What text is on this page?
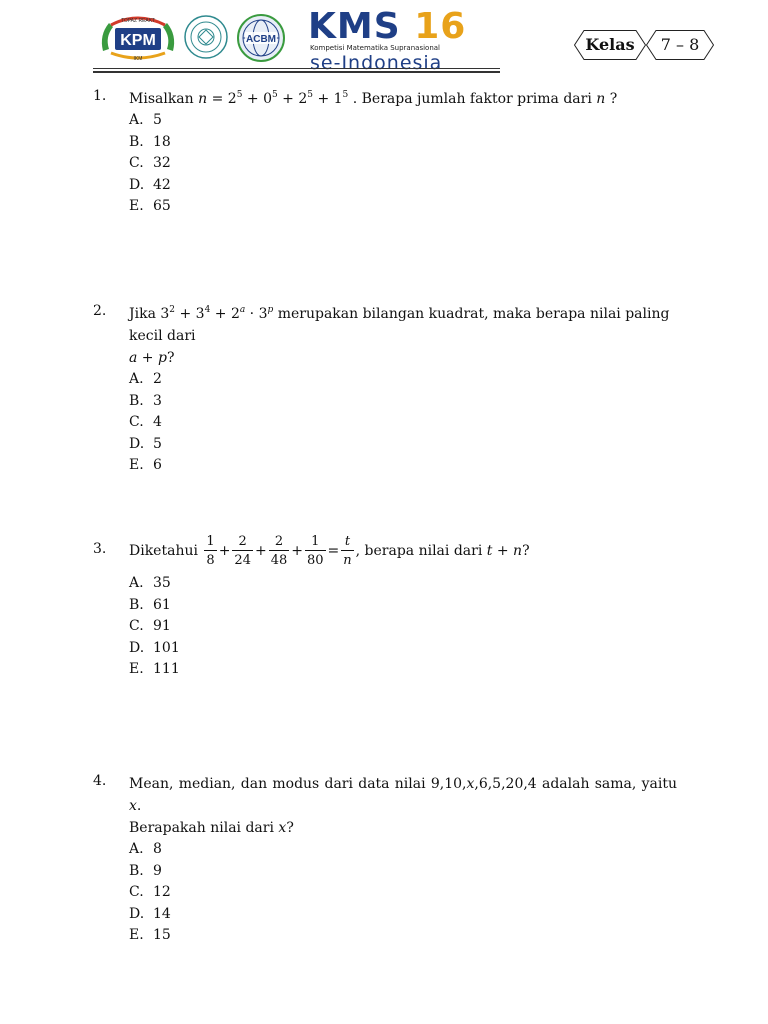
KPM
TOPAZ REAKT
IKM
ACBM KMS 16
Kompetisi Matematika Supranasional
se-Indonesia
Kelas	7 – 8
1. Misalkan $n = 2^5 + 0^5 + 2^5 + 1^5$ . Berapa jumlah faktor prima dari n ?
A. 5
B. 18
C. 32
D. 42
E. 65
2. Jika $3^2 + 3^4 + 2^a \cdot 3^p$ merupakan bilangan kuadrat, maka berapa nilai paling kecil dari
a + p?
A. 2
B. 3
C. 4
D. 5
E. 6
3. Diketahui $\frac{1}{8} + \frac{2}{24} + \frac{2}{48} + \frac{1}{80} = \frac{t}{n}$ , berapa nilai dari t + n?
A. 35
B. 61
C. 91
D. 101
E. 111
4. Mean, median, dan modus dari data nilai 9,10,x,6,5,20,4 adalah sama, yaitu x.
Berapakah nilai dari x?
A. 8
B. 9
C. 12
D. 14
E. 15
